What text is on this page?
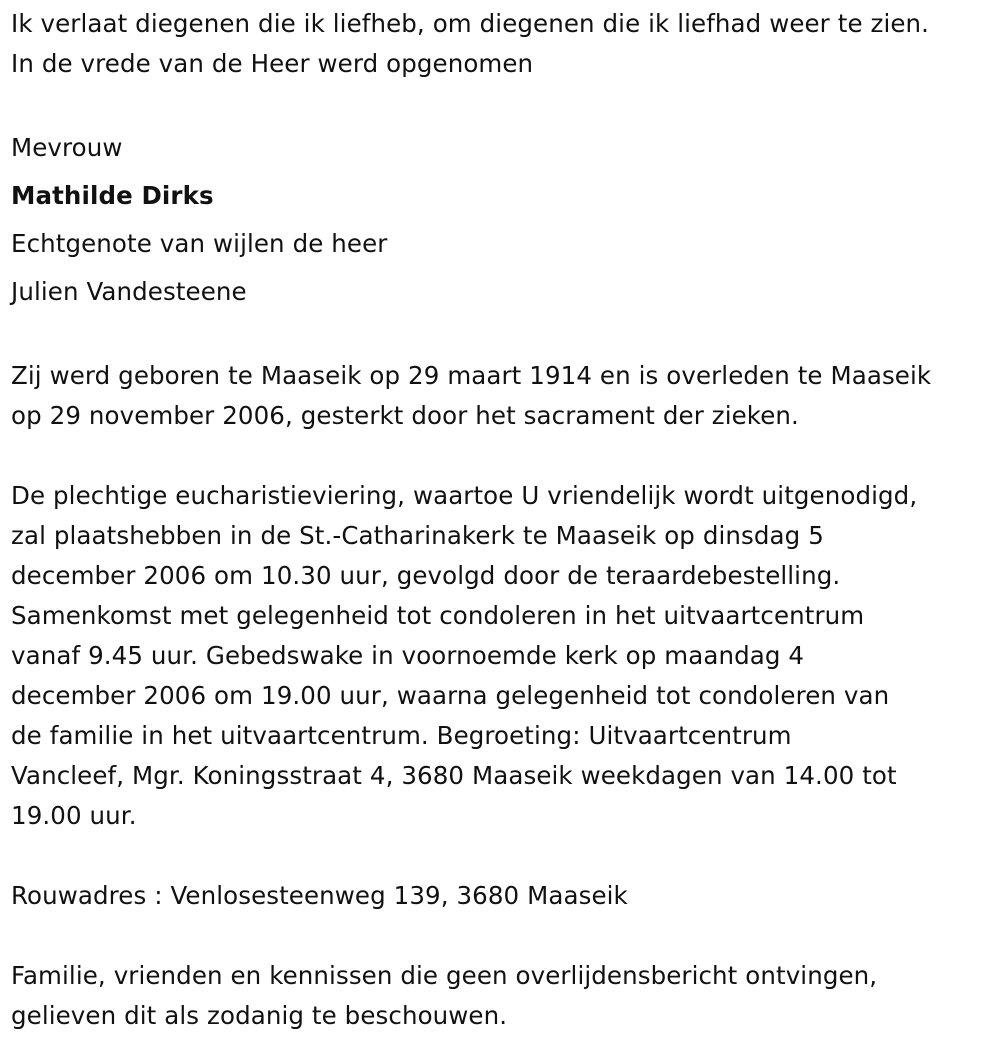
Ik verlaat diegenen die ik liefheb, om diegenen die ik liefhad weer te zien.
In de vrede van de Heer werd opgenomen
Mevrouw
Mathilde Dirks
Echtgenote van wijlen de heer
Julien Vandesteene
Zij werd geboren te Maaseik op 29 maart 1914 en is overleden te Maaseik
op 29 november 2006, gesterkt door het sacrament der zieken.
De plechtige eucharistieviering, waartoe U vriendelijk wordt uitgenodigd,
zal plaatshebben in de St.-Catharinakerk te Maaseik op dinsdag 5
december 2006 om 10.30 uur, gevolgd door de teraardebestelling.
Samenkomst met gelegenheid tot condoleren in het uitvaartcentrum
vanaf 9.45 uur. Gebedswake in voornoemde kerk op maandag 4
december 2006 om 19.00 uur, waarna gelegenheid tot condoleren van
de familie in het uitvaartcentrum. Begroeting: Uitvaartcentrum
Vancleef, Mgr. Koningsstraat 4, 3680 Maaseik weekdagen van 14.00 tot
19.00 uur.
Rouwadres : Venlosesteenweg 139, 3680 Maaseik
Familie, vrienden en kennissen die geen overlijdensbericht ontvingen,
gelieven dit als zodanig te beschouwen.
